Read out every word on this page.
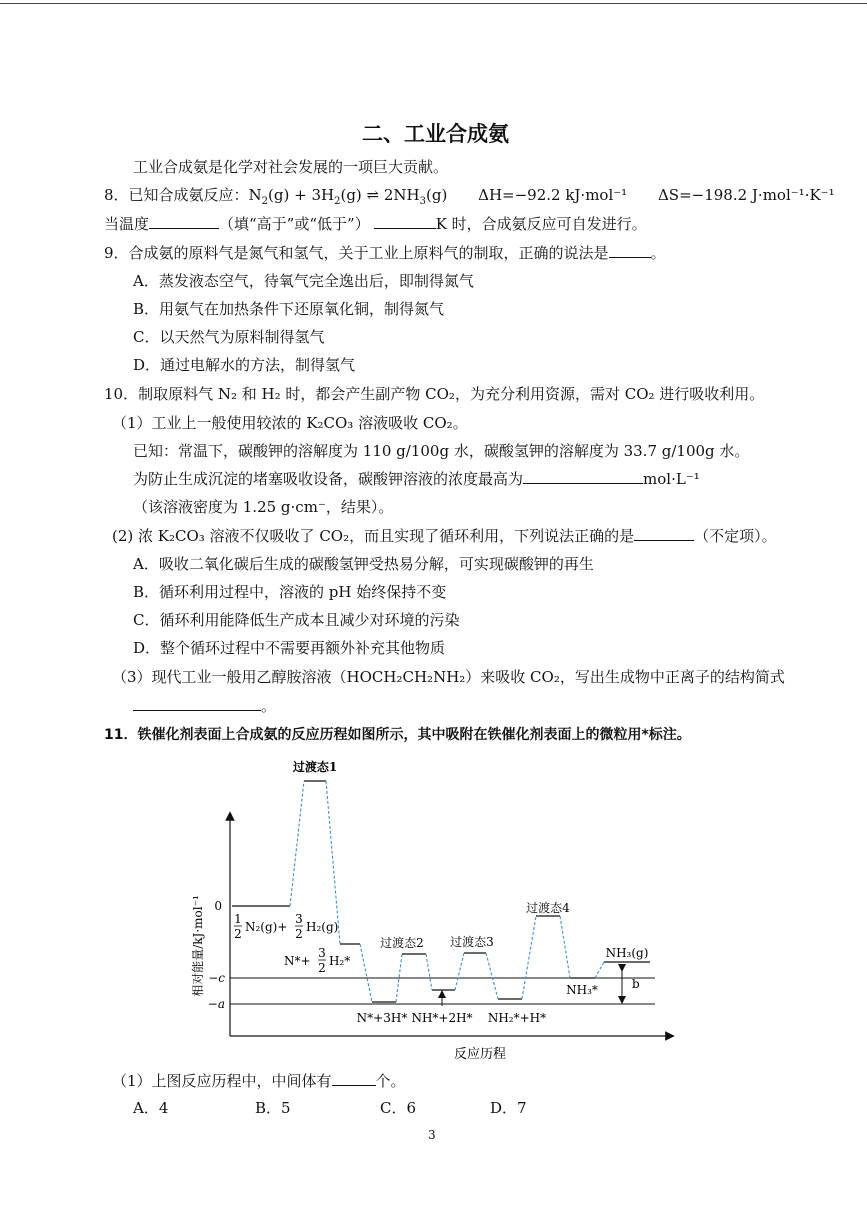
二、工业合成氨
工业合成氨是化学对社会发展的一项巨大贡献。
8．已知合成氨反应：$N_2(g) + 3H_2(g)$ ⇌ $2NH_3(g)$ ΔH=−92.2 kJ·mol⁻¹ ΔS=−198.2 J·mol⁻¹·K⁻¹
当温度	（填“高于”或“低于”）	K 时，合成氨反应可自发进行。
9．合成氨的原料气是氮气和氢气，关于工业上原料气的制取，正确的说法是	。
A．蒸发液态空气，待氧气完全逸出后，即制得氮气
B．用氨气在加热条件下还原氧化铜，制得氮气
C．以天然气为原料制得氢气
D．通过电解水的方法，制得氢气
10．制取原料气 N₂ 和 H₂ 时，都会产生副产物 CO₂，为充分利用资源，需对 CO₂ 进行吸收利用。
（1）工业上一般使用较浓的 K₂CO₃ 溶液吸收 CO₂。
已知：常温下，碳酸钾的溶解度为 110 g/100g 水，碳酸氢钾的溶解度为 33.7 g/100g 水。
为防止生成沉淀的堵塞吸收设备，碳酸钾溶液的浓度最高为	mol·L⁻¹
（该溶液密度为 1.25 g·cm⁻，结果）。
(2) 浓 K₂CO₃ 溶液不仅吸收了 CO₂，而且实现了循环利用，下列说法正确的是	（不定项）。
A．吸收二氧化碳后生成的碳酸氢钾受热易分解，可实现碳酸钾的再生
B．循环利用过程中，溶液的 pH 始终保持不变
C．循环利用能降低生产成本且减少对环境的污染
D．整个循环过程中不需要再额外补充其他物质
（3）现代工业一般用乙醇胺溶液（HOCH₂CH₂NH₂）来吸收 CO₂，写出生成物中正离子的结构简式
。
11．铁催化剂表面上合成氨的反应历程如图所示，其中吸附在铁催化剂表面上的微粒用*标注。
0
−c
−a
相对能量/kJ·mol⁻¹
反应历程
过渡态1
过渡态2 过渡态3
过渡态4
1
2 N₂(g)+
3
2 H₂(g)
N*+
3
2 H₂*
N*+3H* NH*+2H* NH₂*+H*
NH₃*
NH₃(g)
b
（1）上图反应历程中，中间体有	个。
A．4	B．5	C．6	D．7
3
